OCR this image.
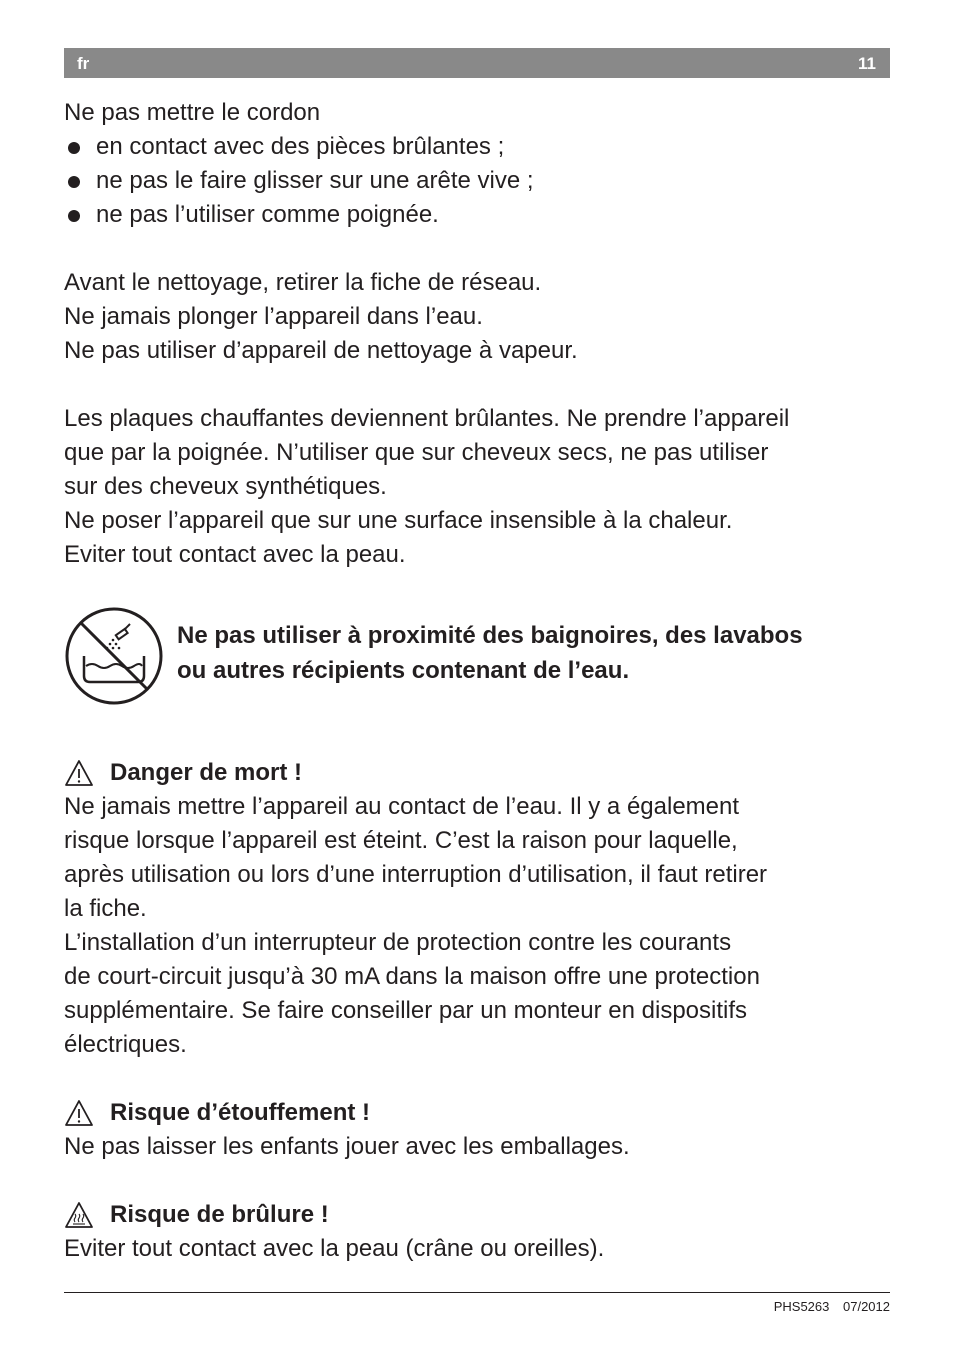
fr	11
Ne pas mettre le cordon
en contact avec des pièces brûlantes ;
ne pas le faire glisser sur une arête vive ;
ne pas l’utiliser comme poignée.
Avant le nettoyage, retirer la fiche de réseau.
Ne jamais plonger l’appareil dans l’eau.
Ne pas utiliser d’appareil de nettoyage à vapeur.
Les plaques chauffantes deviennent brûlantes. Ne prendre l’appareil
que par la poignée. N’utiliser que sur cheveux secs, ne pas utiliser
sur des cheveux synthétiques.
Ne poser l’appareil que sur une surface insensible à la chaleur.
Eviter tout contact avec la peau.
Ne pas utiliser à proximité des baignoires, des lavabos
ou autres récipients contenant de l’eau.
Danger de mort !
Ne jamais mettre l’appareil au contact de l’eau. Il y a également
risque lorsque l’appareil est éteint. C’est la raison pour laquelle,
après utilisation ou lors d’une interruption d’utilisation, il faut retirer
la fiche.
L’installation d’un interrupteur de protection contre les courants
de court-circuit jusqu’à 30 mA dans la maison offre une protection
supplémentaire. Se faire conseiller par un monteur en dispositifs
électriques.
Risque d’étouffement !
Ne pas laisser les enfants jouer avec les emballages.
Risque de brûlure !
Eviter tout contact avec la peau (crâne ou oreilles).
PHS5263 07/2012
